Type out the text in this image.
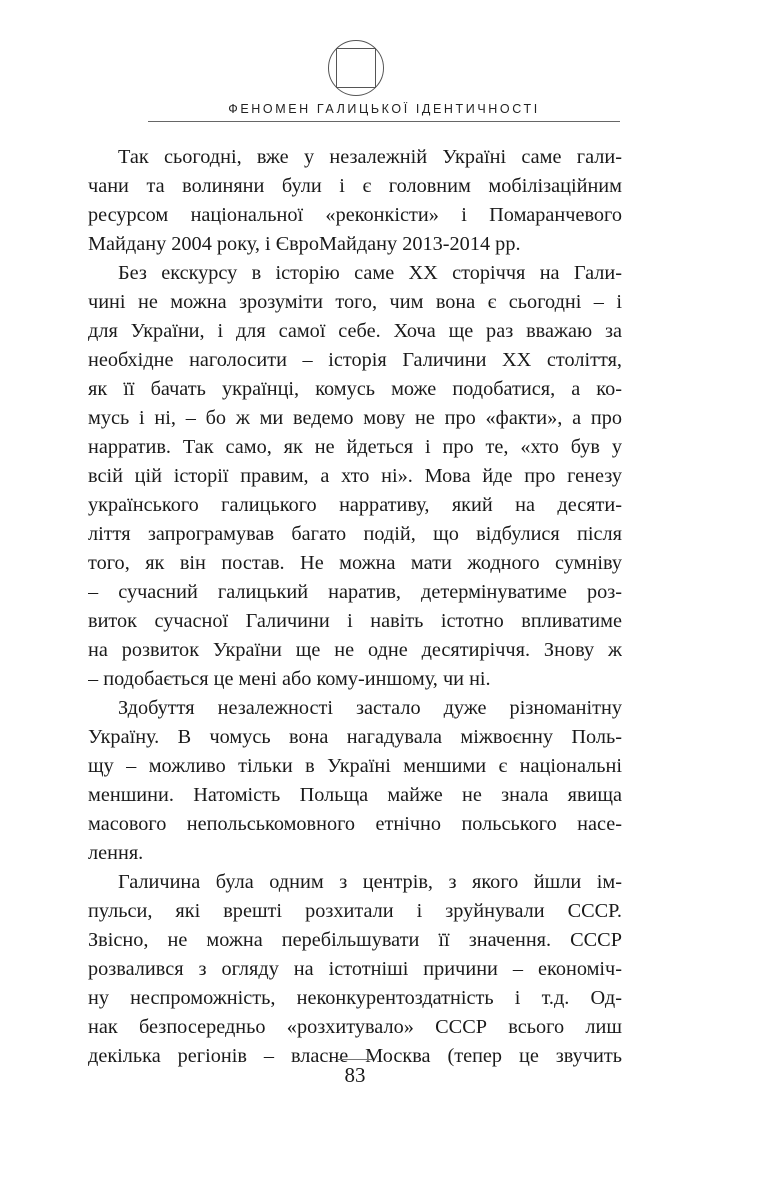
ФЕНОМЕН ГАЛИЦЬКОЇ ІДЕНТИЧНОСТІ
Так сьогодні, вже у незалежній Україні саме гали-
чани та волиняни були і є головним мобілізаційним
ресурсом національної «реконкісти» і Помаранчевого
Майдану 2004 року, і ЄвроМайдану 2013-2014 рр.
Без екскурсу в історію саме ХХ сторіччя на Гали-
чині не можна зрозуміти того, чим вона є сьогодні – і
для України, і для самої себе. Хоча ще раз вважаю за
необхідне наголосити – історія Галичини ХХ століття,
як її бачать українці, комусь може подобатися, а ко-
мусь і ні, – бо ж ми ведемо мову не про «факти», а про
нарратив. Так само, як не йдеться і про те, «хто був у
всій цій історії правим, а хто ні». Мова йде про генезу
українського галицького нарративу, який на десяти-
ліття запрограмував багато подій, що відбулися після
того, як він постав. Не можна мати жодного сумніву
– сучасний галицький наратив, детермінуватиме роз-
виток сучасної Галичини і навіть істотно впливатиме
на розвиток України ще не одне десятиріччя. Знову ж
– подобається це мені або кому-иншому, чи ні.
Здобуття незалежності застало дуже різноманітну
Україну. В чомусь вона нагадувала міжвоєнну Поль-
щу – можливо тільки в Україні меншими є національні
меншини. Натомість Польща майже не знала явища
масового непольськомовного етнічно польського насе-
лення.
Галичина була одним з центрів, з якого йшли ім-
пульси, які врешті розхитали і зруйнували СССР.
Звісно, не можна перебільшувати її значення. СССР
розвалився з огляду на істотніші причини – економіч-
ну неспроможність, неконкурентоздатність і т.д. Од-
нак безпосередньо «розхитувало» СССР всього лиш
декілька регіонів – власне Москва (тепер це звучить
83
